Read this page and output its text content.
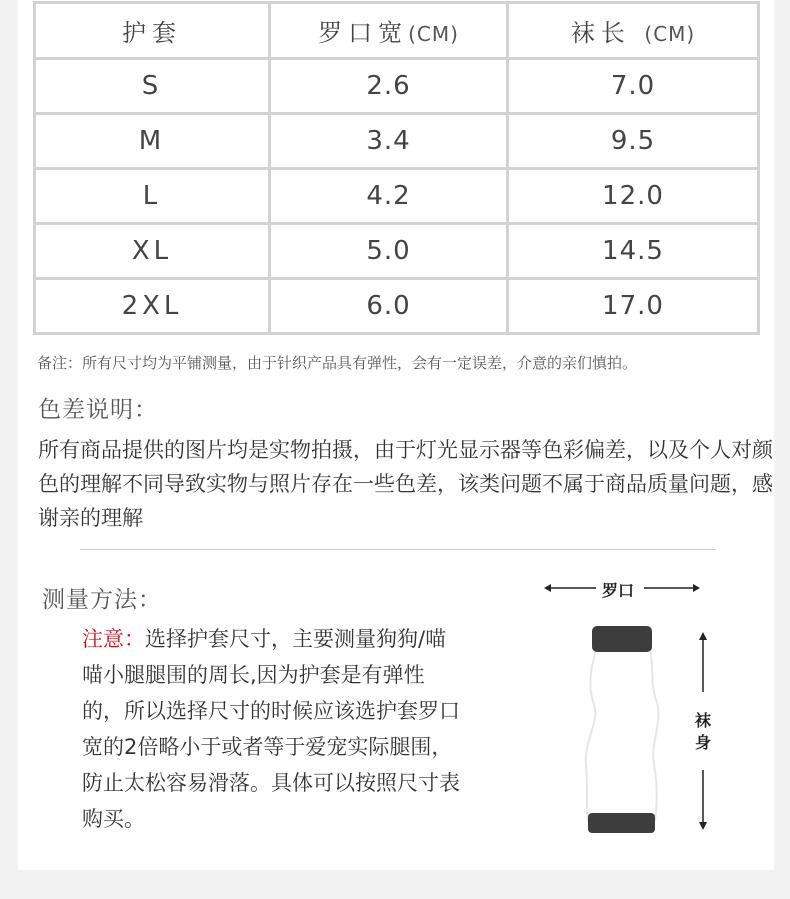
护套	罗口宽(CM)	袜长 (CM)
S	2.6	7.0
M	3.4	9.5
L	4.2	12.0
XL	5.0	14.5
2XL	6.0	17.0
备注：所有尺寸均为平铺测量，由于针织产品具有弹性，会有一定误差，介意的亲们慎拍。
色差说明：
所有商品提供的图片均是实物拍摄，由于灯光显示器等色彩偏差，以及个人对颜色的理解不同导致实物与照片存在一些色差，该类问题不属于商品质量问题，感谢亲的理解
测量方法：
注意：选择护套尺寸，主要测量狗狗/喵喵小腿腿围的周长,因为护套是有弹性的，所以选择尺寸的时候应该选护套罗口宽的2倍略小于或者等于爱宠实际腿围，防止太松容易滑落。具体可以按照尺寸表购买。
罗口
袜身
